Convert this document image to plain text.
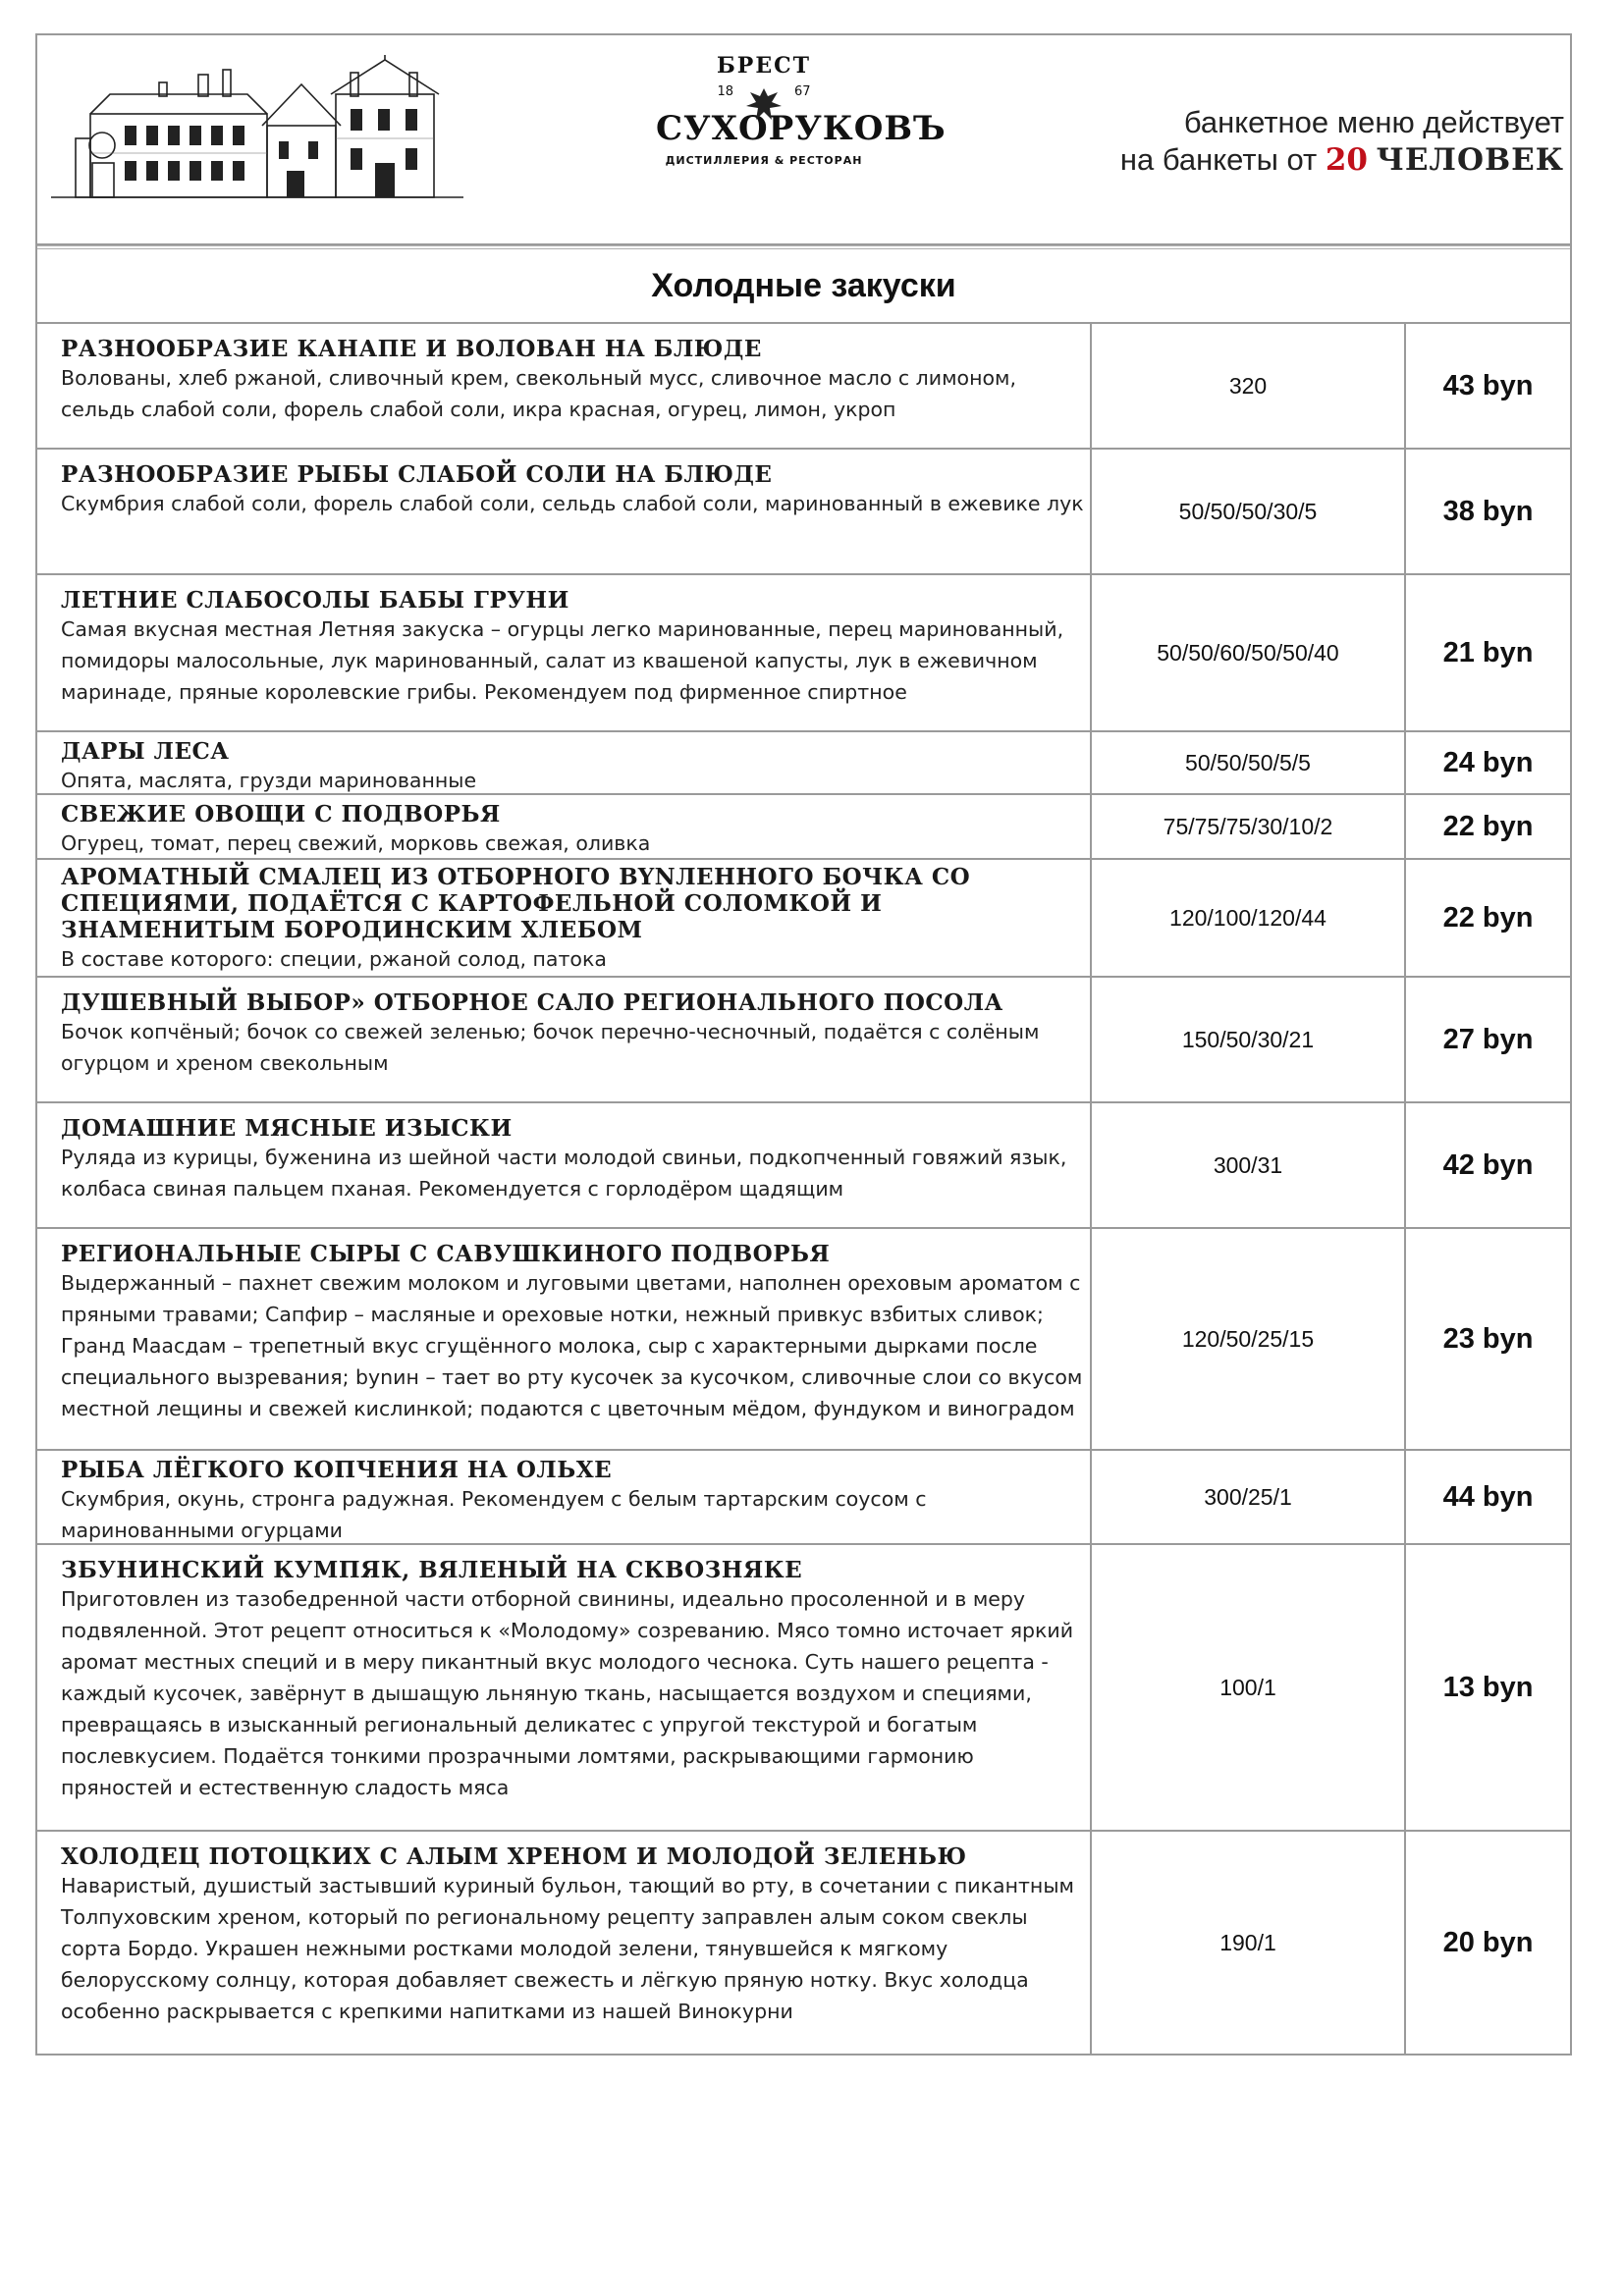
БРЕСТ
18	67
СУХОРУКОВЪ
ДИСТИЛЛЕРИЯ & РЕСТОРАН
банкетное меню действует
на банкеты от 20 ЧЕЛОВЕК
Холодные закуски
РАЗНООБРАЗИЕ КАНАПЕ И ВОЛОВАН НА БЛЮДЕ
Волованы, хлеб ржаной, сливочный крем, свекольный мусс, сливочное масло с лимоном, сельдь слабой соли, форель слабой соли, икра красная, огурец, лимон, укроп
320	43 byn
РАЗНООБРАЗИЕ РЫБЫ СЛАБОЙ СОЛИ НА БЛЮДЕ
Скумбрия слабой соли, форель слабой соли, сельдь слабой соли, маринованный в ежевике лук	50/50/50/30/5	38 byn
ЛЕТНИЕ СЛАБОСОЛЫ БАБЫ ГРУНИ
Самая вкусная местная Летняя закуска – огурцы легко маринованные, перец маринованный, помидоры малосольные, лук маринованный, салат из квашеной капусты, лук в ежевичном маринаде, пряные королевские грибы. Рекомендуем под фирменное спиртное
50/50/60/50/50/40	21 byn
ДАРЫ ЛЕСА
Опята, маслята, грузди маринованные
50/50/50/5/5	24 byn
СВЕЖИЕ ОВОЩИ С ПОДВОРЬЯ
Огурец, томат, перец свежий, морковь свежая, оливка
75/75/75/30/10/2	22 byn
АРОМАТНЫЙ СМАЛЕЦ ИЗ ОТБОРНОГО BYNЛЕННОГО БОЧКА СО СПЕЦИЯМИ, ПОДАЁТСЯ С КАРТОФЕЛЬНОЙ СОЛОМКОЙ И ЗНАМЕНИТЫМ БОРОДИНСКИМ ХЛЕБОМ
В составе которого: специи, ржаной солод, патока
120/100/120/44	22 byn
ДУШЕВНЫЙ ВЫБОР» ОТБОРНОЕ САЛО РЕГИОНАЛЬНОГО ПОСОЛА
Бочок копчёный; бочок со свежей зеленью; бочок перечно-чесночный, подаётся с солёным огурцом и хреном свекольным
150/50/30/21	27 byn
ДОМАШНИЕ МЯСНЫЕ ИЗЫСКИ
Руляда из курицы, буженина из шейной части молодой свиньи, подкопченный говяжий язык, колбаса свиная пальцем пханая. Рекомендуется с горлодёром щадящим
300/31	42 byn
РЕГИОНАЛЬНЫЕ СЫРЫ С САВУШКИНОГО ПОДВОРЬЯ
Выдержанный – пахнет свежим молоком и луговыми цветами, наполнен ореховым ароматом с пряными травами; Сапфир – масляные и ореховые нотки, нежный привкус взбитых сливок; Гранд Маасдам – трепетный вкус сгущённого молока, сыр с характерными дырками после специального вызревания; bynин – тает во рту кусочек за кусочком, сливочные слои со вкусом местной лещины и свежей кислинкой; подаются с цветочным мёдом, фундуком и виноградом
120/50/25/15	23 byn
РЫБА ЛЁГКОГО КОПЧЕНИЯ НА ОЛЬХЕ
Скумбрия, окунь, стронга радужная. Рекомендуем с белым тартарским соусом с маринованными огурцами
300/25/1	44 byn
ЗБУНИНСКИЙ КУМПЯК, ВЯЛЕНЫЙ НА СКВОЗНЯКЕ
Приготовлен из тазобедренной части отборной свинины, идеально просоленной и в меру подвяленной. Этот рецепт относиться к «Молодому» созреванию. Мясо томно источает яркий аромат местных специй и в меру пикантный вкус молодого чеснока. Суть нашего рецепта - каждый кусочек, завёрнут в дышащую льняную ткань, насыщается воздухом и специями, превращаясь в изысканный региональный деликатес с упругой текстурой и богатым послевкусием. Подаётся тонкими прозрачными ломтями, раскрывающими гармонию пряностей и естественную сладость мяса
100/1	13 byn
ХОЛОДЕЦ ПОТОЦКИХ С АЛЫМ ХРЕНОМ И МОЛОДОЙ ЗЕЛЕНЬЮ
Наваристый, душистый застывший куриный бульон, тающий во рту, в сочетании с пикантным Толпуховским хреном, который по региональному рецепту заправлен алым соком свеклы сорта Бордо. Украшен нежными ростками молодой зелени, тянувшейся к мягкому белорусскому солнцу, которая добавляет свежесть и лёгкую пряную нотку. Вкус холодца особенно раскрывается с крепкими напитками из нашей Винокурни
190/1	20 byn
